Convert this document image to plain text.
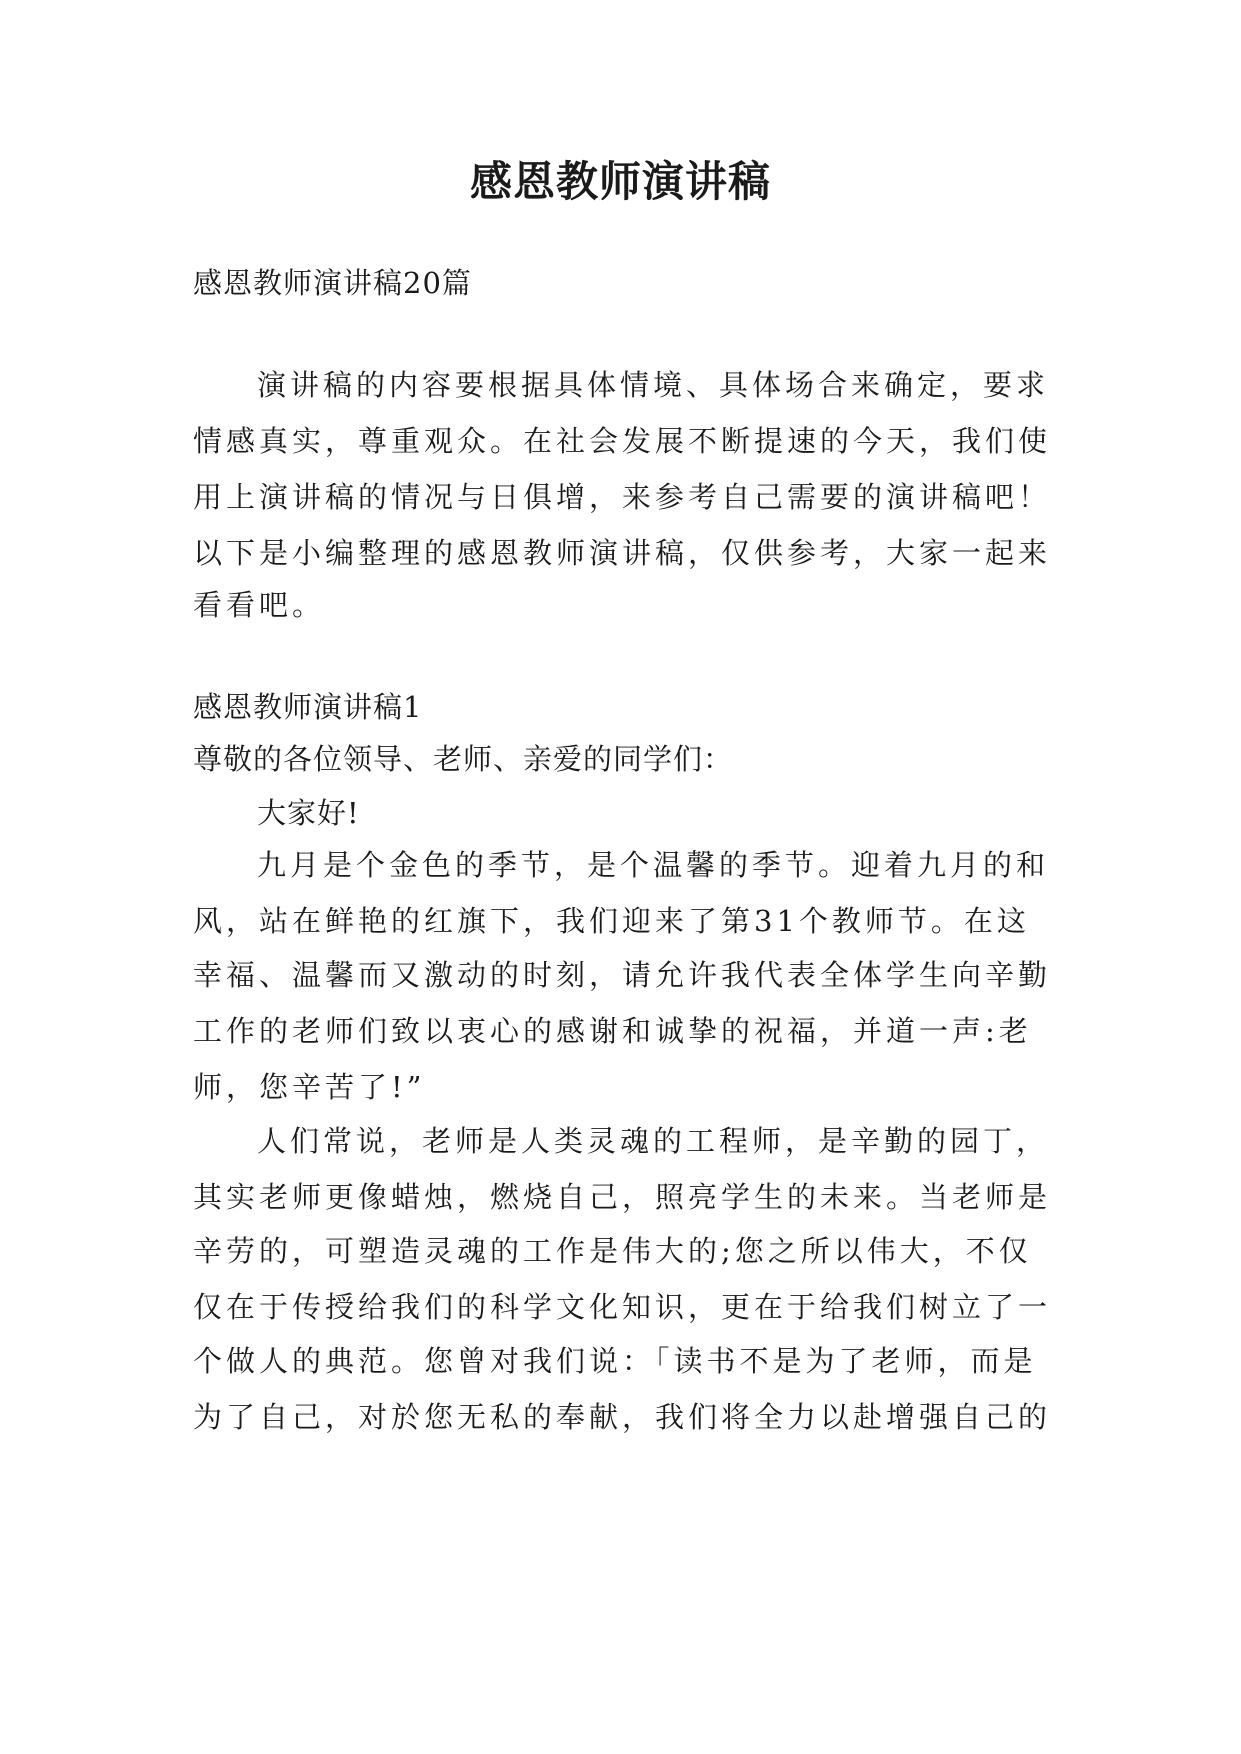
感恩教师演讲稿
感恩教师演讲稿20篇
演讲稿的内容要根据具体情境、具体场合来确定，要求
情感真实，尊重观众。在社会发展不断提速的今天，我们使
用上演讲稿的情况与日俱增，来参考自己需要的演讲稿吧！
以下是小编整理的感恩教师演讲稿，仅供参考，大家一起来
看看吧。
感恩教师演讲稿1
尊敬的各位领导、老师、亲爱的同学们：
大家好!
九月是个金色的季节，是个温馨的季节。迎着九月的和
风，站在鲜艳的红旗下，我们迎来了第31个教师节。在这
幸福、温馨而又激动的时刻，请允许我代表全体学生向辛勤
工作的老师们致以衷心的感谢和诚挚的祝福，并道一声:老
师，您辛苦了!”
人们常说，老师是人类灵魂的工程师，是辛勤的园丁，
其实老师更像蜡烛，燃烧自己，照亮学生的未来。当老师是
辛劳的，可塑造灵魂的工作是伟大的;您之所以伟大，不仅
仅在于传授给我们的科学文化知识，更在于给我们树立了一
个做人的典范。您曾对我们说：「读书不是为了老师，而是
为了自己，对於您无私的奉献，我们将全力以赴增强自己的
